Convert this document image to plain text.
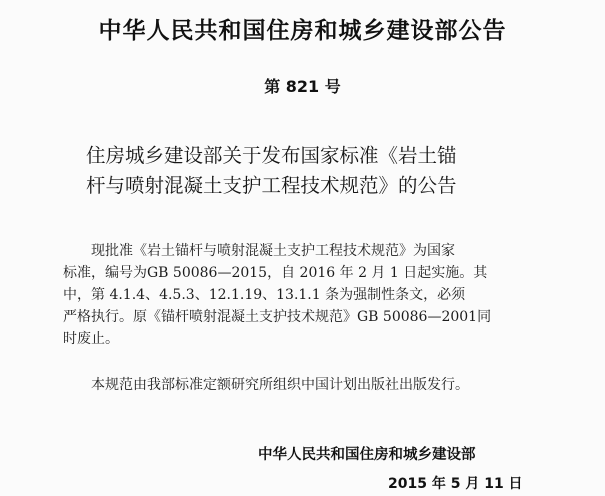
中华人民共和国住房和城乡建设部公告
第 821 号
住房城乡建设部关于发布国家标准《岩土锚
杆与喷射混凝土支护工程技术规范》的公告
现批准《岩土锚杆与喷射混凝土支护工程技术规范》为国家
标准，编号为GB 50086—2015，自 2016 年 2 月 1 日起实施。其
中，第 4.1.4、4.5.3、12.1.19、13.1.1 条为强制性条文，必须
严格执行。原《锚杆喷射混凝土支护技术规范》GB 50086—2001同
时废止。
本规范由我部标准定额研究所组织中国计划出版社出版发行。
中华人民共和国住房和城乡建设部
2015 年 5 月 11 日
